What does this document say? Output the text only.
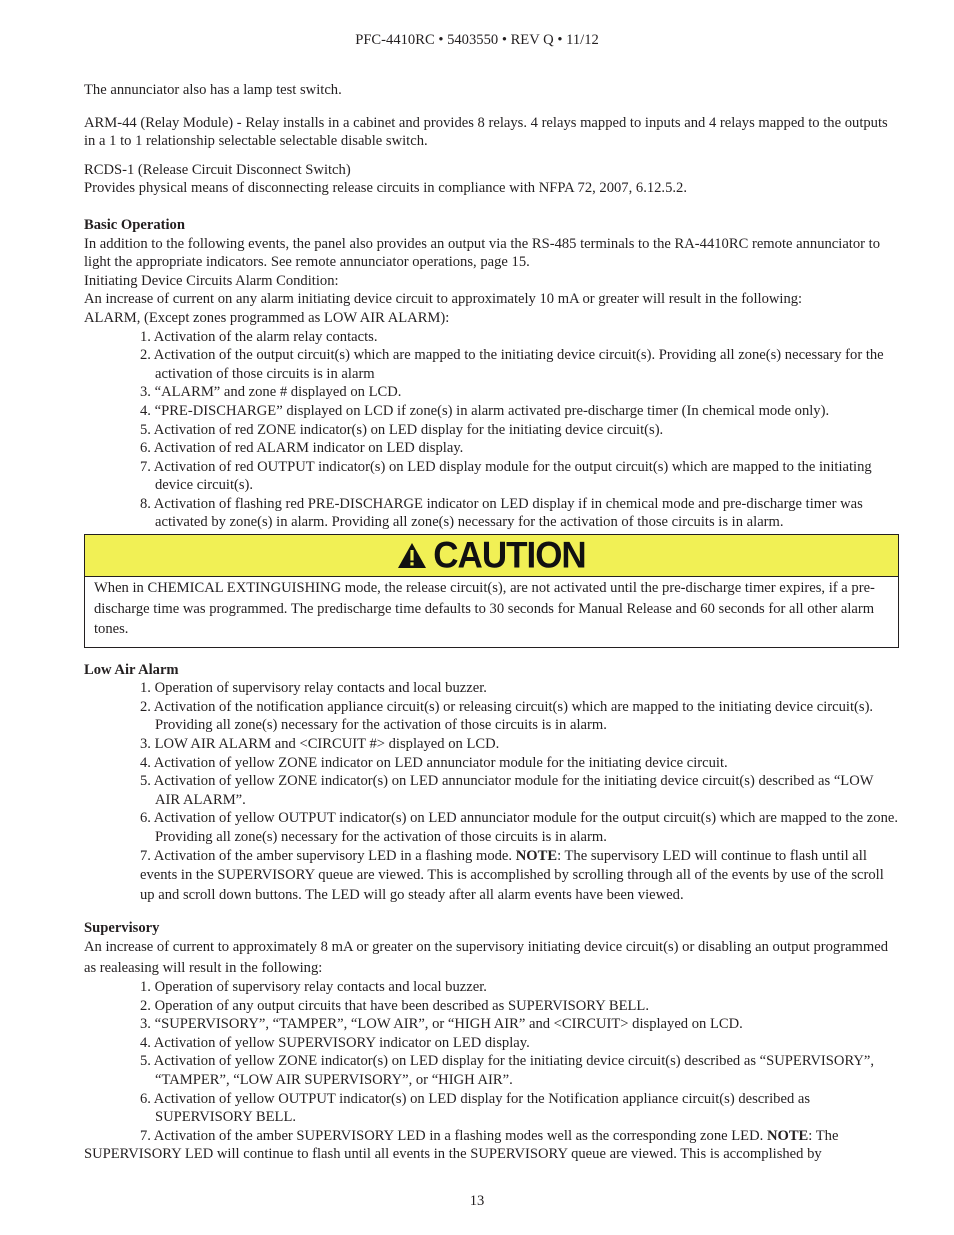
PFC-4410RC • 5403550 • REV Q • 11/12

The annunciator also has a lamp test switch.

ARM-44 (Relay Module) - Relay installs in a cabinet and provides 8 relays. 4 relays mapped to inputs and 4 relays mapped to the outputs in a 1 to 1 relationship selectable selectable disable switch.

RCDS-1 (Release Circuit Disconnect Switch)

Provides physical means of disconnecting release circuits in compliance with NFPA 72, 2007, 6.12.5.2.

Basic Operation

In addition to the following events, the panel also provides an output via the RS-485 terminals to the RA-4410RC remote annunciator to light the appropriate indicators. See remote annunciator operations, page 15.

Initiating Device Circuits Alarm Condition:

An increase of current on any alarm initiating device circuit to approximately 10 mA or greater will result in the following:

ALARM, (Except zones programmed as LOW AIR ALARM):

1. Activation of the alarm relay contacts.
2. Activation of the output circuit(s) which are mapped to the initiating device circuit(s). Providing all zone(s) necessary for the activation of those circuits is in alarm
3. “ALARM” and zone # displayed on LCD.
4. “PRE-DISCHARGE” displayed on LCD if zone(s) in alarm activated pre-discharge timer (In chemical mode only).
5. Activation of red ZONE indicator(s) on LED display for the initiating device circuit(s).
6. Activation of red ALARM indicator on LED display.
7. Activation of red OUTPUT indicator(s) on LED display module for the output circuit(s) which are mapped to the initiating device circuit(s).
8. Activation of flashing red PRE-DISCHARGE indicator on LED display if in chemical mode and pre-discharge timer was activated by zone(s) in alarm. Providing all zone(s) necessary for the activation of those circuits is in alarm.
CAUTION
When in CHEMICAL EXTINGUISHING mode, the release circuit(s), are not activated until the pre-discharge timer expires, if a pre-discharge time was programmed. The predischarge time defaults to 30 seconds for Manual Release and 60 seconds for all other alarm tones.

Low Air Alarm

1. Operation of supervisory relay contacts and local buzzer.
2. Activation of the notification appliance circuit(s) or releasing circuit(s) which are mapped to the initiating device circuit(s). Providing all zone(s) necessary for the activation of those circuits is in alarm.
3. LOW AIR ALARM and <CIRCUIT #> displayed on LCD.
4. Activation of yellow ZONE indicator on LED annunciator module for the initiating device circuit.
5. Activation of yellow ZONE indicator(s) on LED annunciator module for the initiating device circuit(s) described as “LOW AIR ALARM”.
6. Activation of yellow OUTPUT indicator(s) on LED annunciator module for the output circuit(s) which are mapped to the zone. Providing all zone(s) necessary for the activation of those circuits is in alarm.

7. Activation of the amber supervisory LED in a flashing mode. NOTE: The supervisory LED will continue to flash until all events in the SUPERVISORY queue are viewed. This is accomplished by scrolling through all of the events by use of the scroll up and scroll down buttons. The LED will go steady after all alarm events have been viewed.

Supervisory

An increase of current to approximately 8 mA or greater on the supervisory initiating device circuit(s) or disabling an output programmed as realeasing will result in the following:

1. Operation of supervisory relay contacts and local buzzer.
2. Operation of any output circuits that have been described as SUPERVISORY BELL.
3. “SUPERVISORY”, “TAMPER”, “LOW AIR”, or “HIGH AIR” and <CIRCUIT> displayed on LCD.
4. Activation of yellow SUPERVISORY indicator on LED display.
5. Activation of yellow ZONE indicator(s) on LED display for the initiating device circuit(s) described as “SUPERVISORY”, “TAMPER”, “LOW AIR SUPERVISORY”, or “HIGH AIR”.
6. Activation of yellow OUTPUT indicator(s) on LED display for the Notification appliance circuit(s) described as SUPERVISORY BELL.

7. Activation of the amber SUPERVISORY LED in a flashing modes well as the corresponding zone LED. NOTE: The SUPERVISORY LED will continue to flash until all events in the SUPERVISORY queue are viewed. This is accomplished by

13
